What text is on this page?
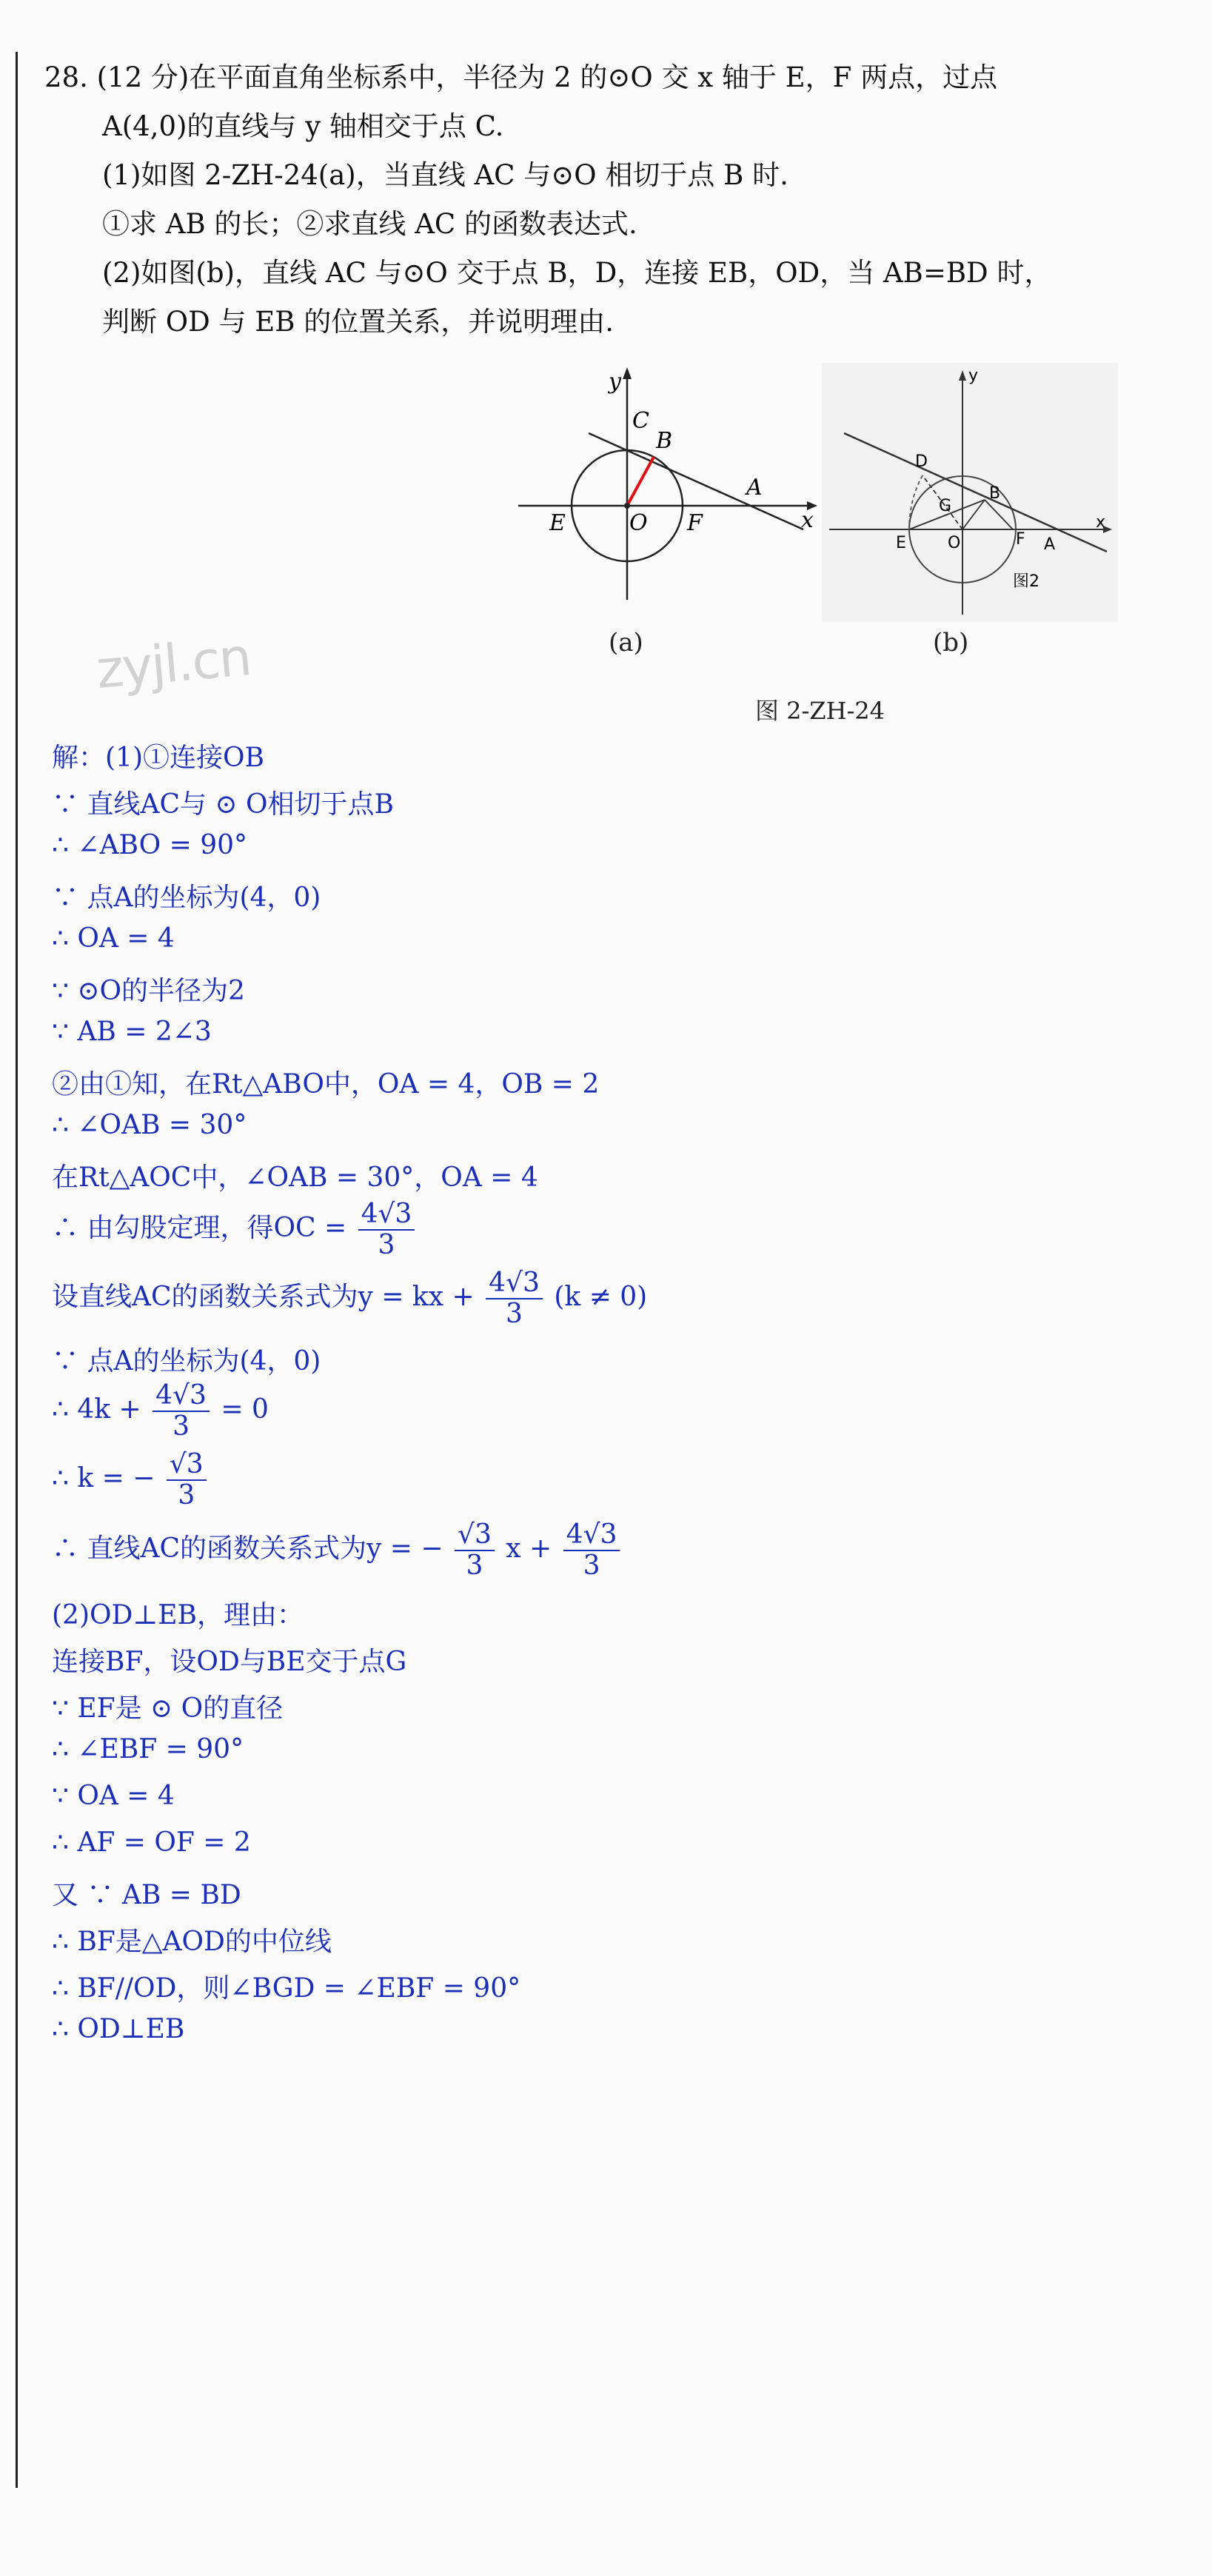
28. (12 分)在平面直角坐标系中，半径为 2 的⊙O 交 x 轴于 E，F 两点，过点
A(4,0)的直线与 y 轴相交于点 C.
(1)如图 2-ZH-24(a)，当直线 AC 与⊙O 相切于点 B 时.
①求 AB 的长；②求直线 AC 的函数表达式.
(2)如图(b)，直线 AC 与⊙O 交于点 B，D，连接 EB，OD，当 AB=BD 时，
判断 OD 与 EB 的位置关系，并说明理由.
y
C
B
A
x
E	O F
y
D
B
G
E	O	F A
x
图2
(a)	(b)
图 2-ZH-24
zyjl.cn
解：(1)①连接OB
∵ 直线AC与 ⊙ O相切于点B
∴ ∠ABO = 90°
∵ 点A的坐标为(4，0)
∴ OA = 4
∵ ⊙O的半径为2
∵ AB = 2∠3
②由①知，在Rt△ABO中，OA = 4，OB = 2
∴ ∠OAB = 30°
在Rt△AOC中，∠OAB = 30°，OA = 4
∴ 由勾股定理，得OC = $\frac{4√3}{3}$
设直线AC的函数关系式为y = kx + $\frac{4√3}{3} (k \ne 0)$
∵ 点A的坐标为(4，0)
∴ $4k + \frac{4√3}{3} = 0$
∴ k = − $\frac{√3}{3}$
∴ 直线AC的函数关系式为y = − $\frac{√3}{3}$ $x + \frac{4√3}{3}$
(2)OD⊥EB，理由：
连接BF，设OD与BE交于点G
∵ EF是 ⊙ O的直径
∴ ∠EBF = 90°
∵ OA = 4
∴ AF = OF = 2
又 ∵ AB = BD
∴ BF是△AOD的中位线
∴ BF//OD，则∠BGD = ∠EBF = 90°
∴ OD⊥EB
